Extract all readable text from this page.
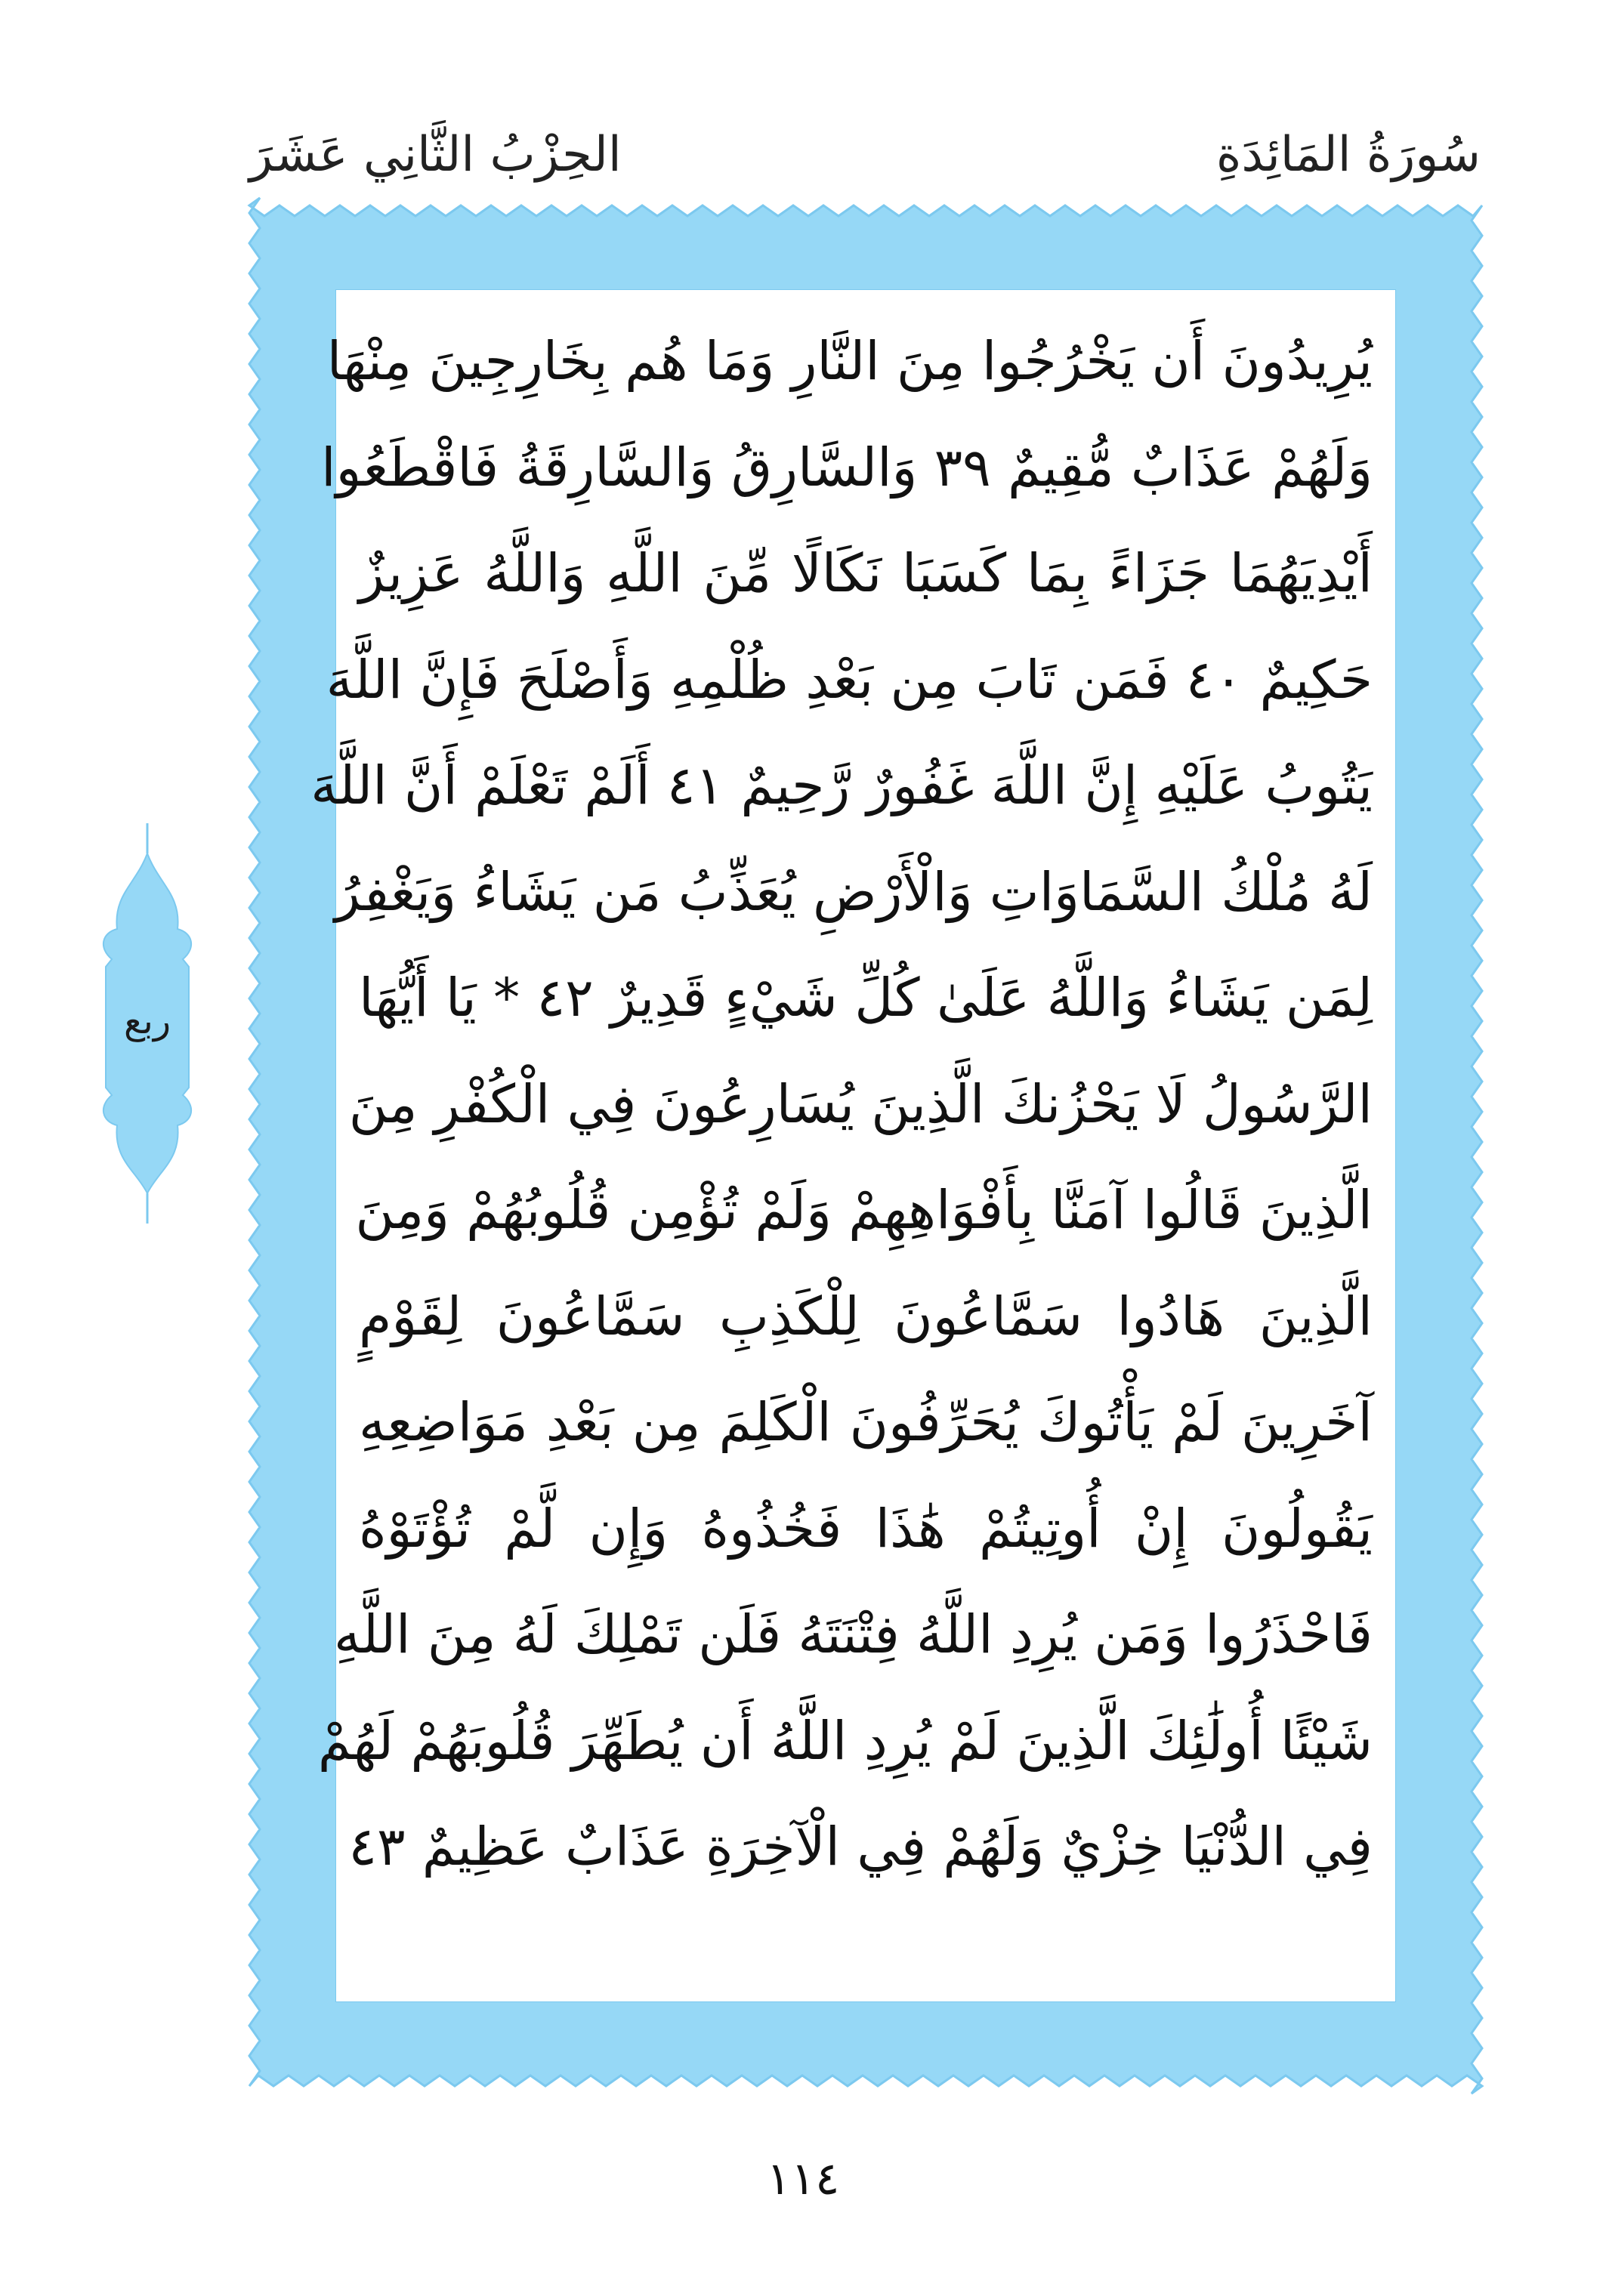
سُورَةُ المَائِدَةِ
الحِزْبُ الثَّانِي عَشَرَ
يُرِيدُونَ أَن يَخْرُجُوا مِنَ النَّارِ وَمَا هُم بِخَارِجِينَ مِنْهَا
وَلَهُمْ عَذَابٌ مُّقِيمٌ ٣٩ وَالسَّارِقُ وَالسَّارِقَةُ فَاقْطَعُوا
أَيْدِيَهُمَا جَزَاءً بِمَا كَسَبَا نَكَالًا مِّنَ اللَّهِ وَاللَّهُ عَزِيزٌ
حَكِيمٌ ٤٠ فَمَن تَابَ مِن بَعْدِ ظُلْمِهِ وَأَصْلَحَ فَإِنَّ اللَّهَ
يَتُوبُ عَلَيْهِ إِنَّ اللَّهَ غَفُورٌ رَّحِيمٌ ٤١ أَلَمْ تَعْلَمْ أَنَّ اللَّهَ
لَهُ مُلْكُ السَّمَاوَاتِ وَالْأَرْضِ يُعَذِّبُ مَن يَشَاءُ وَيَغْفِرُ
لِمَن يَشَاءُ وَاللَّهُ عَلَىٰ كُلِّ شَيْءٍ قَدِيرٌ ٤٢ * يَا أَيُّهَا
الرَّسُولُ لَا يَحْزُنكَ الَّذِينَ يُسَارِعُونَ فِي الْكُفْرِ مِنَ
الَّذِينَ قَالُوا آمَنَّا بِأَفْوَاهِهِمْ وَلَمْ تُؤْمِن قُلُوبُهُمْ وَمِنَ
الَّذِينَ هَادُوا سَمَّاعُونَ لِلْكَذِبِ سَمَّاعُونَ لِقَوْمٍ
آخَرِينَ لَمْ يَأْتُوكَ يُحَرِّفُونَ الْكَلِمَ مِن بَعْدِ مَوَاضِعِهِ
يَقُولُونَ إِنْ أُوتِيتُمْ هَٰذَا فَخُذُوهُ وَإِن لَّمْ تُؤْتَوْهُ
فَاحْذَرُوا وَمَن يُرِدِ اللَّهُ فِتْنَتَهُ فَلَن تَمْلِكَ لَهُ مِنَ اللَّهِ
شَيْئًا أُولَٰئِكَ الَّذِينَ لَمْ يُرِدِ اللَّهُ أَن يُطَهِّرَ قُلُوبَهُمْ لَهُمْ
فِي الدُّنْيَا خِزْيٌ وَلَهُمْ فِي الْآخِرَةِ عَذَابٌ عَظِيمٌ ٤٣
ربع
١١٤
